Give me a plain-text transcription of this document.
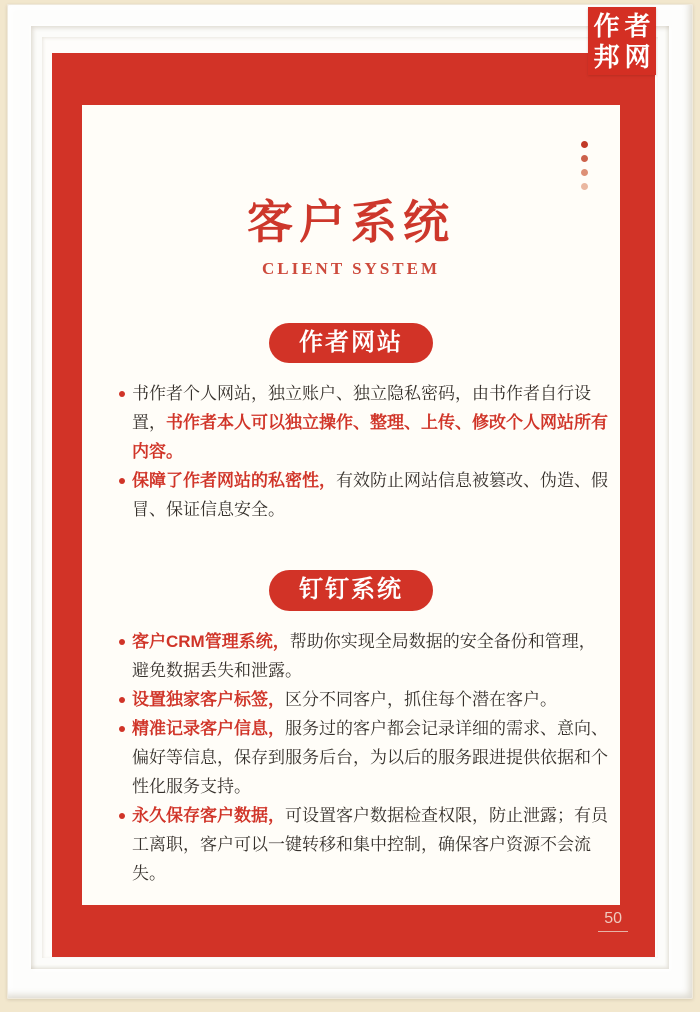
客户系统
CLIENT SYSTEM
作者网站
书作者个人网站，独立账户、独立隐私密码，由书作者自行设置，书作者本人可以独立操作、整理、上传、修改个人网站所有内容。
保障了作者网站的私密性，有效防止网站信息被篡改、伪造、假冒、保证信息安全。
钉钉系统
客户CRM管理系统，帮助你实现全局数据的安全备份和管理，避免数据丢失和泄露。
设置独家客户标签，区分不同客户，抓住每个潜在客户。
精准记录客户信息，服务过的客户都会记录详细的需求、意向、偏好等信息，保存到服务后台，为以后的服务跟进提供依据和个性化服务支持。
永久保存客户数据，可设置客户数据检查权限，防止泄露；有员工离职，客户可以一键转移和集中控制，确保客户资源不会流失。
50
作 者
邦 网
